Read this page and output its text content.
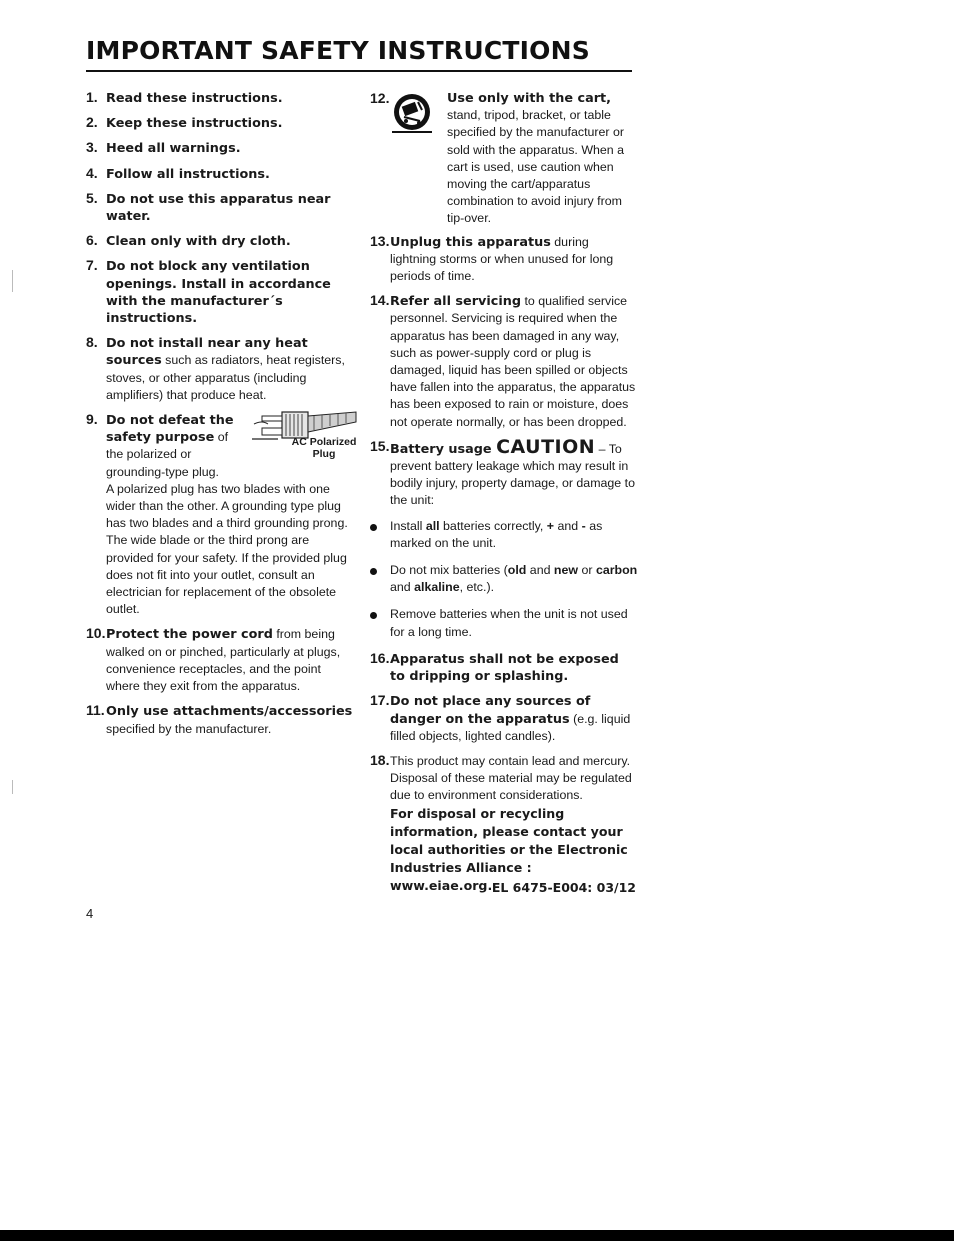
IMPORTANT SAFETY INSTRUCTIONS
1. Read these instructions.
2. Keep these instructions.
3. Heed all warnings.
4. Follow all instructions.
5. Do not use this apparatus near water.
6. Clean only with dry cloth.
7. Do not block any ventilation openings. Install in accordance with the manufacturer´s instructions.
8. Do not install near any heat sources such as radiators, heat registers, stoves, or other apparatus (including amplifiers) that produce heat.
9.
AC Polarized
Plug
Do not defeat the safety purpose of the polarized or grounding-type plug.
A polarized plug has two blades with one wider than the other. A grounding type plug has two blades and a third grounding prong. The wide blade or the third prong are provided for your safety. If the provided plug does not fit into your outlet, consult an electrician for replacement of the obsolete outlet.
10. Protect the power cord from being walked on or pinched, particularly at plugs, convenience receptacles, and the point where they exit from the apparatus.
11. Only use attachments/accessories specified by the manufacturer.
12.	Use only with the cart, stand, tripod, bracket, or table specified by the manufacturer or sold with the apparatus. When a cart is used, use caution when moving the cart/apparatus combination to avoid injury from tip-over.
13. Unplug this apparatus during lightning storms or when unused for long periods of time.
14. Refer all servicing to qualified service personnel. Servicing is required when the apparatus has been damaged in any way, such as power-supply cord or plug is damaged, liquid has been spilled or objects have fallen into the apparatus, the apparatus has been exposed to rain or moisture, does not operate normally, or has been dropped.
15. Battery usage CAUTION – To prevent battery leakage which may result in bodily injury, property damage, or damage to the unit:
Install all batteries correctly, + and - as marked on the unit.
Do not mix batteries (old and new or carbon and alkaline, etc.).
Remove batteries when the unit is not used for a long time.
16. Apparatus shall not be exposed to dripping or splashing.
17. Do not place any sources of danger on the apparatus (e.g. liquid filled objects, lighted candles).
18. This product may contain lead and mercury. Disposal of these material may be regulated due to environment considerations.
For disposal or recycling information, please contact your local authorities or the Electronic Industries Alliance : www.eiae.org. EL 6475-E004: 03/12
4
